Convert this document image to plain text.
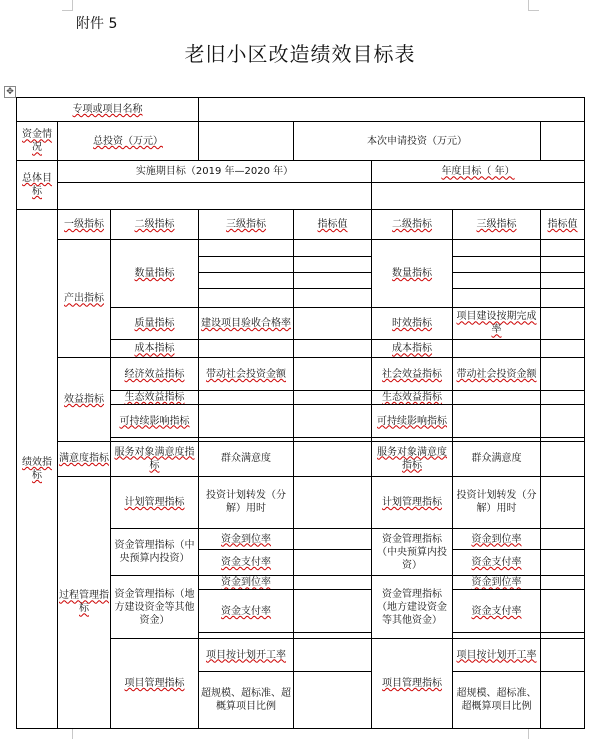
附件 5
老旧小区改造绩效目标表
✥
专项或项目名称							
资金情况	总投资（万元）			本次申请投资（万元）			
总体目标	实施期目标（2019 年—2020 年）				年度目标（ 年）		

绩效指标	一级指标	二级指标	三级指标	指标值	二级指标	三级指标	指标值
	产出指标	数量指标			数量指标		

		质量指标	建设项目验收合格率		时效指标	项目建设按期完成率	
		成本指标			成本指标		
	效益指标	经济效益指标	带动社会投资金额		社会效益指标	带动社会投资金额	
		生态效益指标			生态效益指标		
		可持续影响指标			可持续影响指标		

	满意度指标	服务对象满意度指标	群众满意度		服务对象满意度指标	群众满意度	
	过程管理指标	计划管理指标	投资计划转发（分解）用时		计划管理指标	投资计划转发（分解）用时	
		资金管理指标（中央预算内投资）	资金到位率		资金管理指标（中央预算内投资）	资金到位率	
			资金支付率			资金支付率	
		资金管理指标（地方建设资金等其他资金）	资金到位率		资金管理指标（地方建设资金等其他资金）	资金到位率	
			资金支付率			资金支付率	

		项目管理指标	项目按计划开工率		项目管理指标	项目按计划开工率	
			超规模、超标准、超概算项目比例			超规模、超标准、超概算项目比例	
